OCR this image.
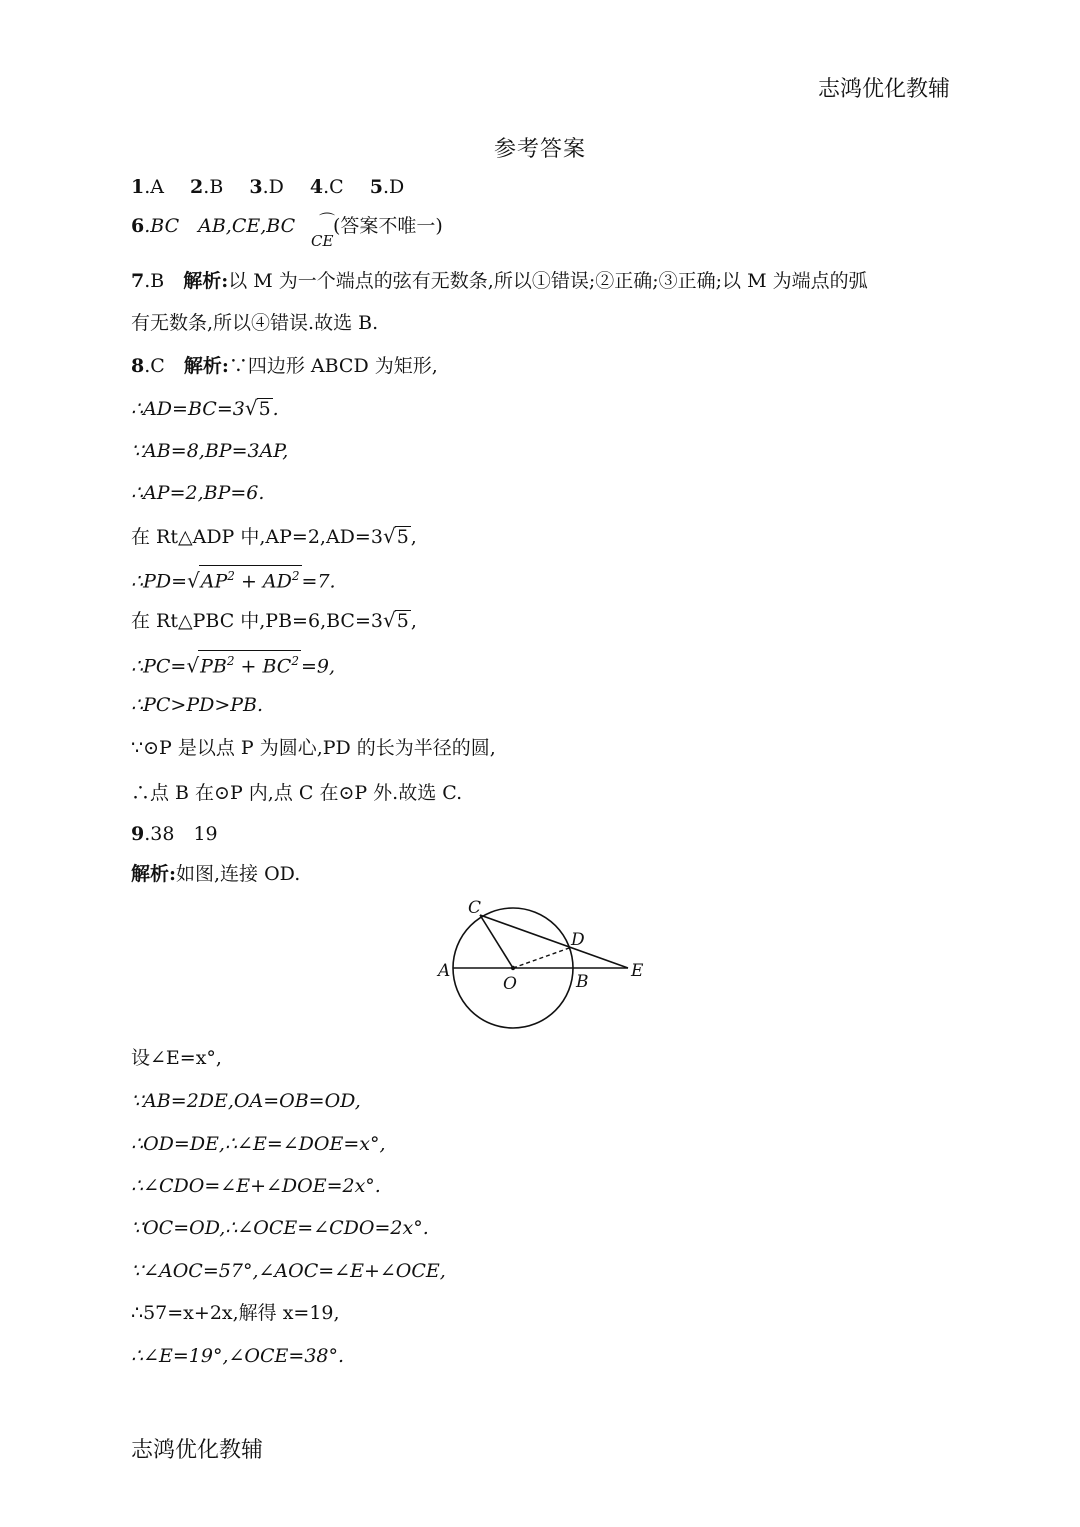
志鸿优化教辅
参考答案
1.A 2.B 3.D 4.C 5.D
6.BC　AB,CE,BC ⌒
CE
(答案不唯一)
7.B　解析:以 M 为一个端点的弦有无数条,所以①错误;②正确;③正确;以 M 为端点的弧
有无数条,所以④错误.故选 B.
8.C　解析:∵四边形 ABCD 为矩形,
∴AD=BC=3√5 .
∵AB=8,BP=3AP,
∴AP=2,BP=6.
在 Rt△ADP 中,AP=2,AD=3√5 ,
$\therefore PD=√AP^2 + AD^2 =7$.
在 Rt△PBC 中,PB=6,BC=3√5 ,
$\therefore PC=√PB^2 + BC^2 =9$,
∴PC>PD>PB.
∵⊙P 是以点 P 为圆心,PD 的长为半径的圆,
∴点 B 在⊙P 内,点 C 在⊙P 外.故选 C.
9.38　19
解析:如图,连接 OD.
A
O	B
C
D
E
设∠E=x°,
∵AB=2DE,OA=OB=OD,
∴OD=DE,∴∠E=∠DOE=x°,
∴∠CDO=∠E+∠DOE=2x°.
∵OC=OD,∴∠OCE=∠CDO=2x°.
∵∠AOC=57°,∠AOC=∠E+∠OCE,
∴57=x+2x,解得 x=19,
∴∠E=19°,∠OCE=38°.
志鸿优化教辅
